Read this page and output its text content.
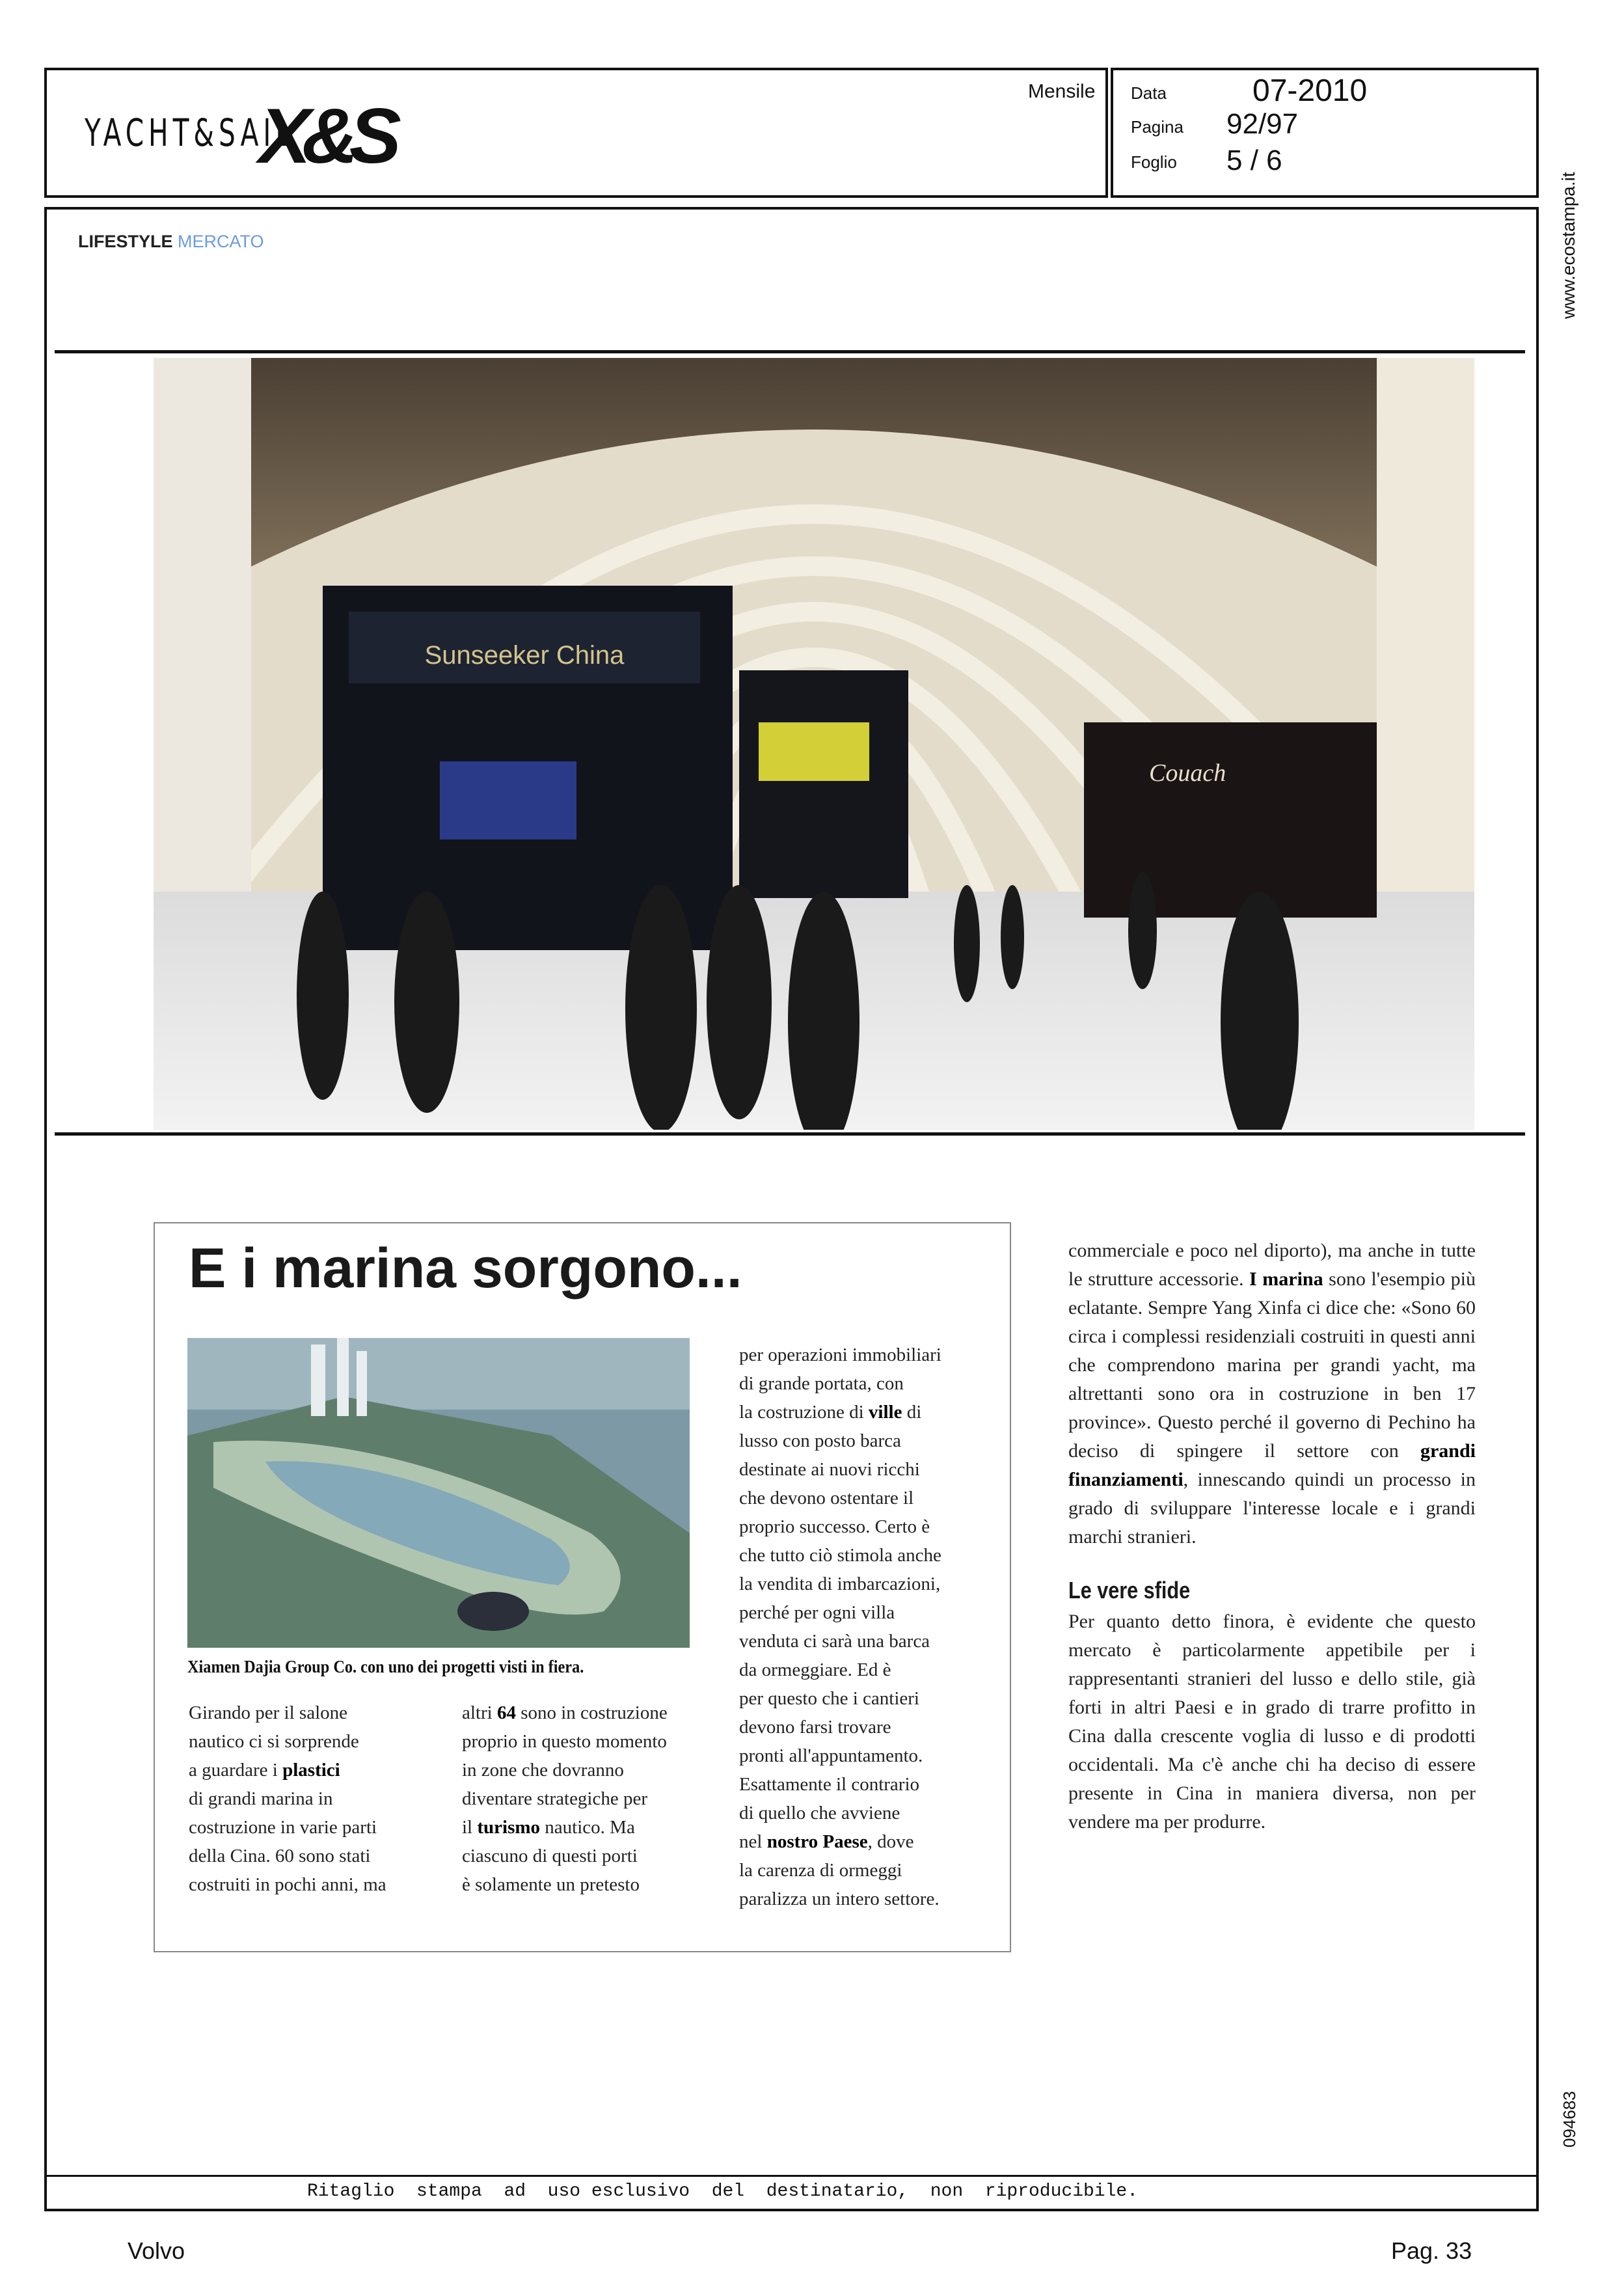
YACHT&SAIL
X&S
Mensile Data	07-2010
Pagina 92/97
Foglio 5 / 6
www.ecostampa.it
LIFESTYLE MERCATO
Sunseeker China
Couach
E i marina sorgono...
Xiamen Dajia Group Co. con uno dei progetti visti in fiera.

Girando per il salone

nautico ci si sorprende

a guardare i plastici

di grandi marina in

costruzione in varie parti

della Cina. 60 sono stati

costruiti in pochi anni, ma

altri 64 sono in costruzione

proprio in questo momento

in zone che dovranno

diventare strategiche per

il turismo nautico. Ma

ciascuno di questi porti

è solamente un pretesto

per operazioni immobiliari

di grande portata, con

la costruzione di ville di

lusso con posto barca

destinate ai nuovi ricchi

che devono ostentare il

proprio successo. Certo è

che tutto ciò stimola anche

la vendita di imbarcazioni,

perché per ogni villa

venduta ci sarà una barca

da ormeggiare. Ed è

per questo che i cantieri

devono farsi trovare

pronti all'appuntamento.

Esattamente il contrario

di quello che avviene

nel nostro Paese, dove

la carenza di ormeggi

paralizza un intero settore.

commerciale e poco nel diporto), ma anche in tutte le strutture accessorie. I marina sono l'esempio più eclatante. Sempre Yang Xinfa ci dice che: «Sono 60 circa i complessi residenziali costruiti in questi anni che comprendono marina per grandi yacht, ma altrettanti sono ora in costruzione in ben 17 province». Questo perché il governo di Pechino ha deciso di spingere il settore con grandi finanziamenti, innescando quindi un processo in grado di sviluppare l'interesse locale e i grandi marchi stranieri.

Le vere sfide

Per quanto detto finora, è evidente che questo mercato è particolarmente appetibile per i rappresentanti stranieri del lusso e dello stile, già forti in altri Paesi e in grado di trarre profitto in Cina dalla crescente voglia di lusso e di prodotti occidentali. Ma c'è anche chi ha deciso di essere presente in Cina in maniera diversa, non per vendere ma per produrre.

Ritaglio  stampa  ad  uso esclusivo  del  destinatario,  non  riproducibile.
094683
Volvo	Pag. 33
